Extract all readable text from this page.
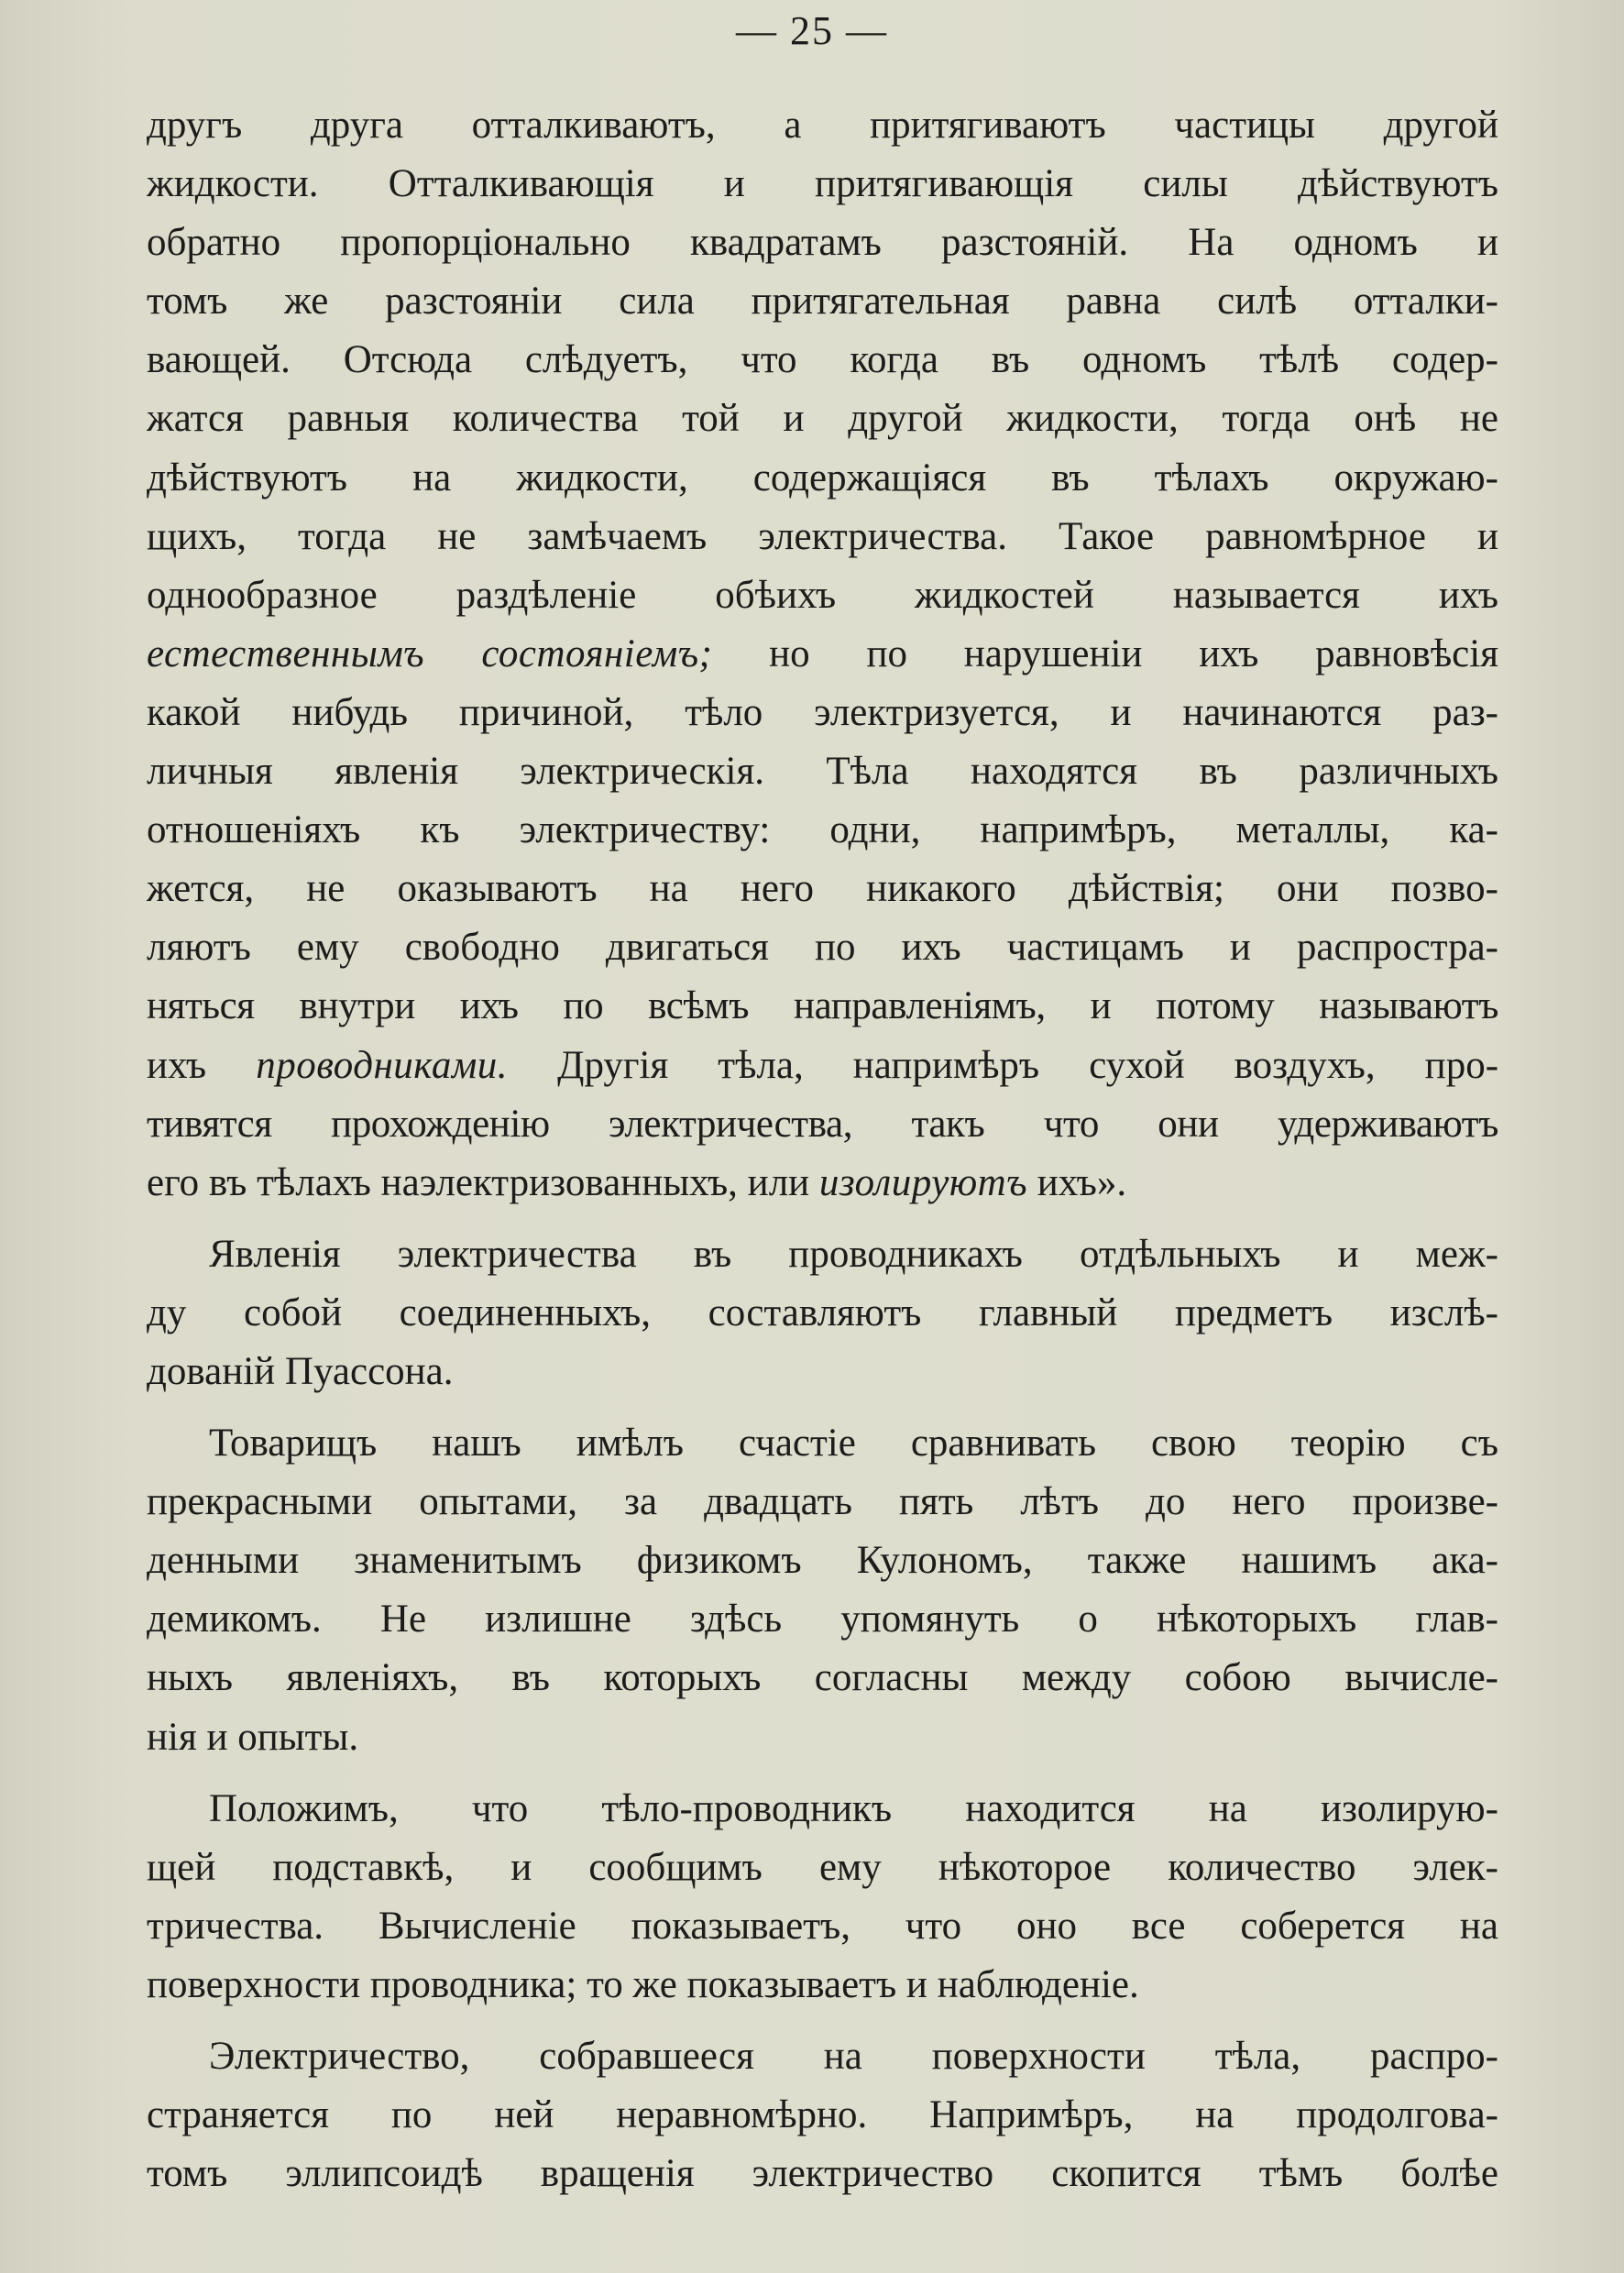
— 25 —
другъ друга отталкиваютъ, а притягиваютъ частицы другой
жидкости. Отталкивающія и притягивающія силы дѣйствуютъ
обратно пропорціонально квадратамъ разстояній. На одномъ и
томъ же разстояніи сила притягательная равна силѣ отталки-
вающей. Отсюда слѣдуетъ, что когда въ одномъ тѣлѣ содер-
жатся равныя количества той и другой жидкости, тогда онѣ не
дѣйствуютъ на жидкости, содержащіяся въ тѣлахъ окружаю-
щихъ, тогда не замѣчаемъ электричества. Такое равномѣрное и
однообразное раздѣленіе обѣихъ жидкостей называется ихъ
естественнымъ состояніемъ; но по нарушеніи ихъ равновѣсія
какой нибудь причиной, тѣло электризуется, и начинаются раз-
личныя явленія электрическія. Тѣла находятся въ различныхъ
отношеніяхъ къ электричеству: одни, напримѣръ, металлы, ка-
жется, не оказываютъ на него никакого дѣйствія; они позво-
ляютъ ему свободно двигаться по ихъ частицамъ и распростра-
няться внутри ихъ по всѣмъ направленіямъ, и потому называютъ
ихъ проводниками. Другія тѣла, напримѣръ сухой воздухъ, про-
тивятся прохожденію электричества, такъ что они удерживаютъ
его въ тѣлахъ наэлектризованныхъ, или изолируютъ ихъ».
Явленія электричества въ проводникахъ отдѣльныхъ и меж-
ду собой соединенныхъ, составляютъ главный предметъ изслѣ-
дованій Пуассона.
Товарищъ нашъ имѣлъ счастіе сравнивать свою теорію съ
прекрасными опытами, за двадцать пять лѣтъ до него произве-
денными знаменитымъ физикомъ Кулономъ, также нашимъ ака-
демикомъ. Не излишне здѣсь упомянуть о нѣкоторыхъ глав-
ныхъ явленіяхъ, въ которыхъ согласны между собою вычисле-
нія и опыты.
Положимъ, что тѣло-проводникъ находится на изолирую-
щей подставкѣ, и сообщимъ ему нѣкоторое количество элек-
тричества. Вычисленіе показываетъ, что оно все соберется на
поверхности проводника; то же показываетъ и наблюденіе.
Электричество, собравшееся на поверхности тѣла, распро-
страняется по ней неравномѣрно. Напримѣръ, на продолговa-
томъ эллипсоидѣ вращенія электричество скопится тѣмъ болѣе
